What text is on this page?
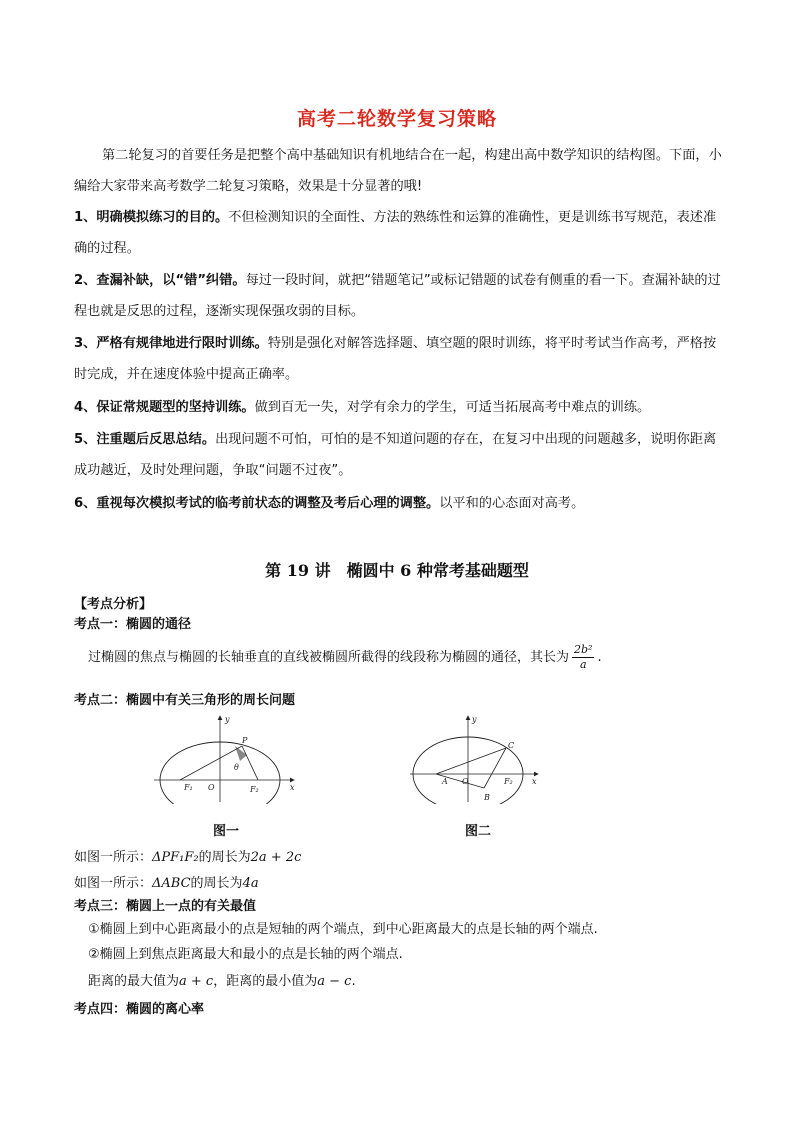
高考二轮数学复习策略
第二轮复习的首要任务是把整个高中基础知识有机地结合在一起，构建出高中数学知识的结构图。下面，小编给大家带来高考数学二轮复习策略，效果是十分显著的哦!
1、明确模拟练习的目的。不但检测知识的全面性、方法的熟练性和运算的准确性，更是训练书写规范，表述准确的过程。
2、查漏补缺，以“错”纠错。每过一段时间，就把“错题笔记”或标记错题的试卷有侧重的看一下。查漏补缺的过程也就是反思的过程，逐渐实现保强攻弱的目标。
3、严格有规律地进行限时训练。特别是强化对解答选择题、填空题的限时训练，将平时考试当作高考，严格按时完成，并在速度体验中提高正确率。
4、保证常规题型的坚持训练。做到百无一失，对学有余力的学生，可适当拓展高考中难点的训练。
5、注重题后反思总结。出现问题不可怕，可怕的是不知道问题的存在，在复习中出现的问题越多，说明你距离成功越近，及时处理问题，争取“问题不过夜”。
6、重视每次模拟考试的临考前状态的调整及考后心理的调整。以平和的心态面对高考。
第 19 讲　椭圆中 6 种常考基础题型
【考点分析】
考点一：椭圆的通径
过椭圆的焦点与椭圆的长轴垂直的直线被椭圆所截得的线段称为椭圆的通径，其长为 $\frac{\text{2b²}}{a}$ .
考点二：椭圆中有关三角形的周长问题
y
x
P
θ
F₁ O	F₂
y
x
C
A O	F₂
B
图一	图二
如图一所示：ΔPF₁F₂的周长为2a + 2c
如图一所示：ΔABC的周长为4a
考点三：椭圆上一点的有关最值
①椭圆上到中心距离最小的点是短轴的两个端点，到中心距离最大的点是长轴的两个端点.
②椭圆上到焦点距离最大和最小的点是长轴的两个端点.
距离的最大值为a + c，距离的最小值为a − c.
考点四：椭圆的离心率
